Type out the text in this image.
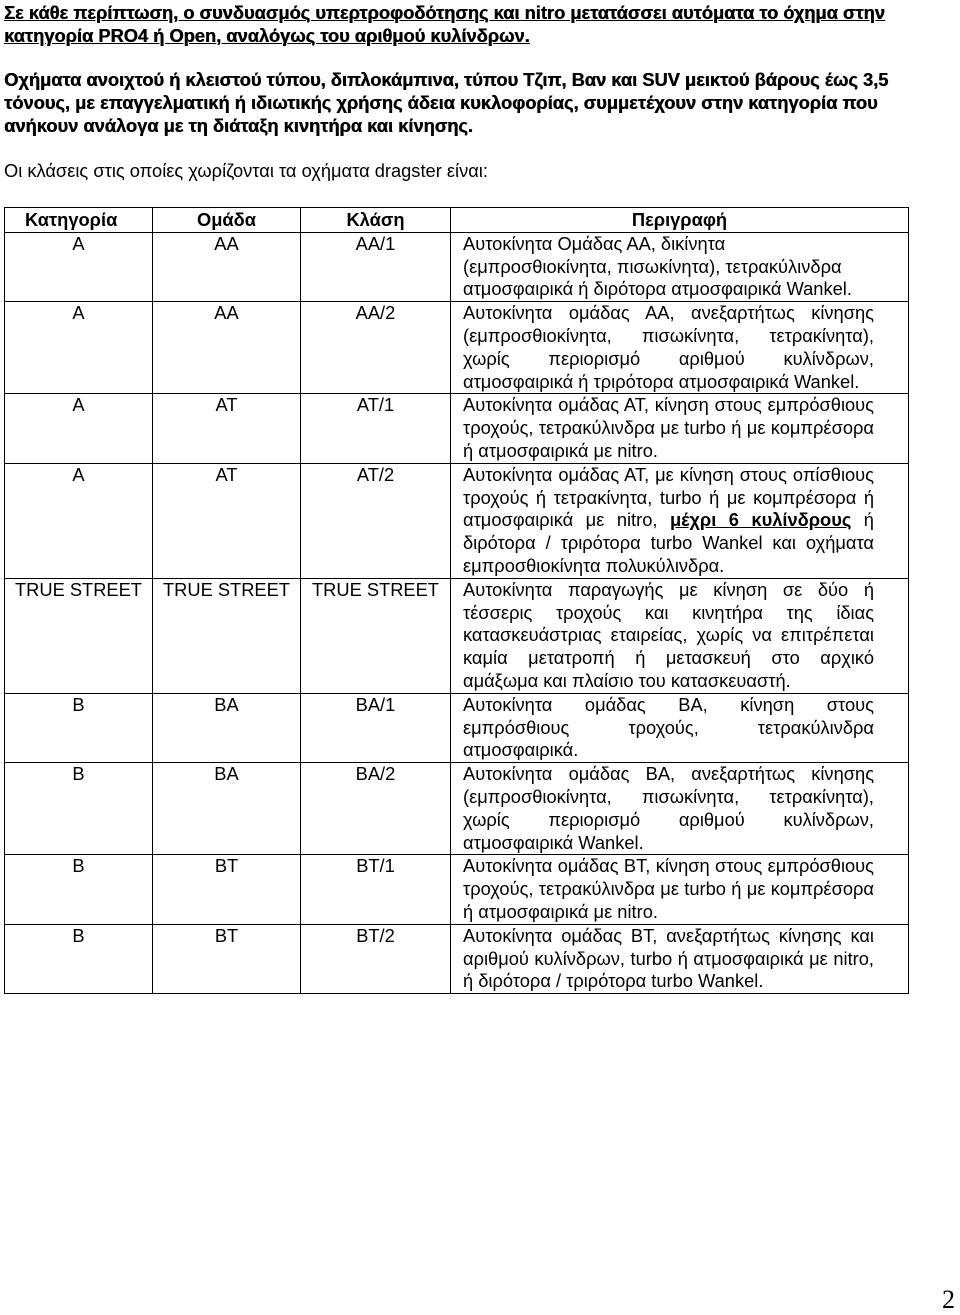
Σε κάθε περίπτωση, ο συνδυασμός υπερτροφοδότησης και nitro μετατάσσει αυτόματα το όχημα στην κατηγορία PRO4 ή Open, αναλόγως του αριθμού κυλίνδρων.

Οχήματα ανοιχτού ή κλειστού τύπου, διπλοκάμπινα, τύπου Τζιπ, Βαν και SUV μεικτού βάρους έως 3,5 τόνους, με επαγγελματική ή ιδιωτικής χρήσης άδεια κυκλοφορίας, συμμετέχουν στην κατηγορία που ανήκουν ανάλογα με τη διάταξη κινητήρα και κίνησης.

Οι κλάσεις στις οποίες χωρίζονται τα οχήματα dragster είναι:

Κατηγορία	Ομάδα	Κλάση	Περιγραφή
Α	ΑΑ	ΑΑ/1	Αυτοκίνητα Ομάδας ΑΑ, δικίνητα (εμπροσθιοκίνητα, πισωκίνητα), τετρακύλινδρα ατμοσφαιρικά ή διρότορα ατμοσφαιρικά Wankel.

Α	ΑΑ	ΑΑ/2	Αυτοκίνητα ομάδας ΑΑ, ανεξαρτήτως κίνησης (εμπροσθιοκίνητα, πισωκίνητα, τετρακίνητα), χωρίς περιορισμό αριθμού κυλίνδρων, ατμοσφαιρικά ή τριρότορα ατμοσφαιρικά Wankel.

Α	ΑΤ	ΑΤ/1	Αυτοκίνητα ομάδας ΑΤ, κίνηση στους εμπρόσθιους τροχούς, τετρακύλινδρα με turbo ή με κομπρέσορα ή ατμοσφαιρικά με nitro.

Α	ΑΤ	ΑΤ/2	Αυτοκίνητα ομάδας ΑΤ, με κίνηση στους οπίσθιους τροχούς ή τετρακίνητα, turbo ή με κομπρέσορα ή ατμοσφαιρικά με nitro, μέχρι 6 κυλίνδρους ή διρότορα / τριρότορα turbo Wankel και οχήματα εμπροσθιοκίνητα πολυκύλινδρα.

TRUE STREET	TRUE STREET	TRUE STREET	Αυτοκίνητα παραγωγής με κίνηση σε δύο ή τέσσερις τροχούς και κινητήρα της ίδιας κατασκευάστριας εταιρείας, χωρίς να επιτρέπεται καμία μετατροπή ή μετασκευή στο αρχικό αμάξωμα και πλαίσιο του κατασκευαστή.

Β	ΒΑ	ΒΑ/1	Αυτοκίνητα ομάδας ΒΑ, κίνηση στους εμπρόσθιους τροχούς, τετρακύλινδρα ατμοσφαιρικά.

Β	ΒΑ	ΒΑ/2	Αυτοκίνητα ομάδας ΒΑ, ανεξαρτήτως κίνησης (εμπροσθιοκίνητα, πισωκίνητα, τετρακίνητα), χωρίς περιορισμό αριθμού κυλίνδρων, ατμοσφαιρικά Wankel.

Β	ΒΤ	ΒΤ/1	Αυτοκίνητα ομάδας ΒΤ, κίνηση στους εμπρόσθιους τροχούς, τετρακύλινδρα με turbo ή με κομπρέσορα ή ατμοσφαιρικά με nitro.

Β	ΒΤ	ΒΤ/2	Αυτοκίνητα ομάδας ΒΤ, ανεξαρτήτως κίνησης και αριθμού κυλίνδρων, turbo ή ατμοσφαιρικά με nitro, ή διρότορα / τριρότορα turbo Wankel.
2
